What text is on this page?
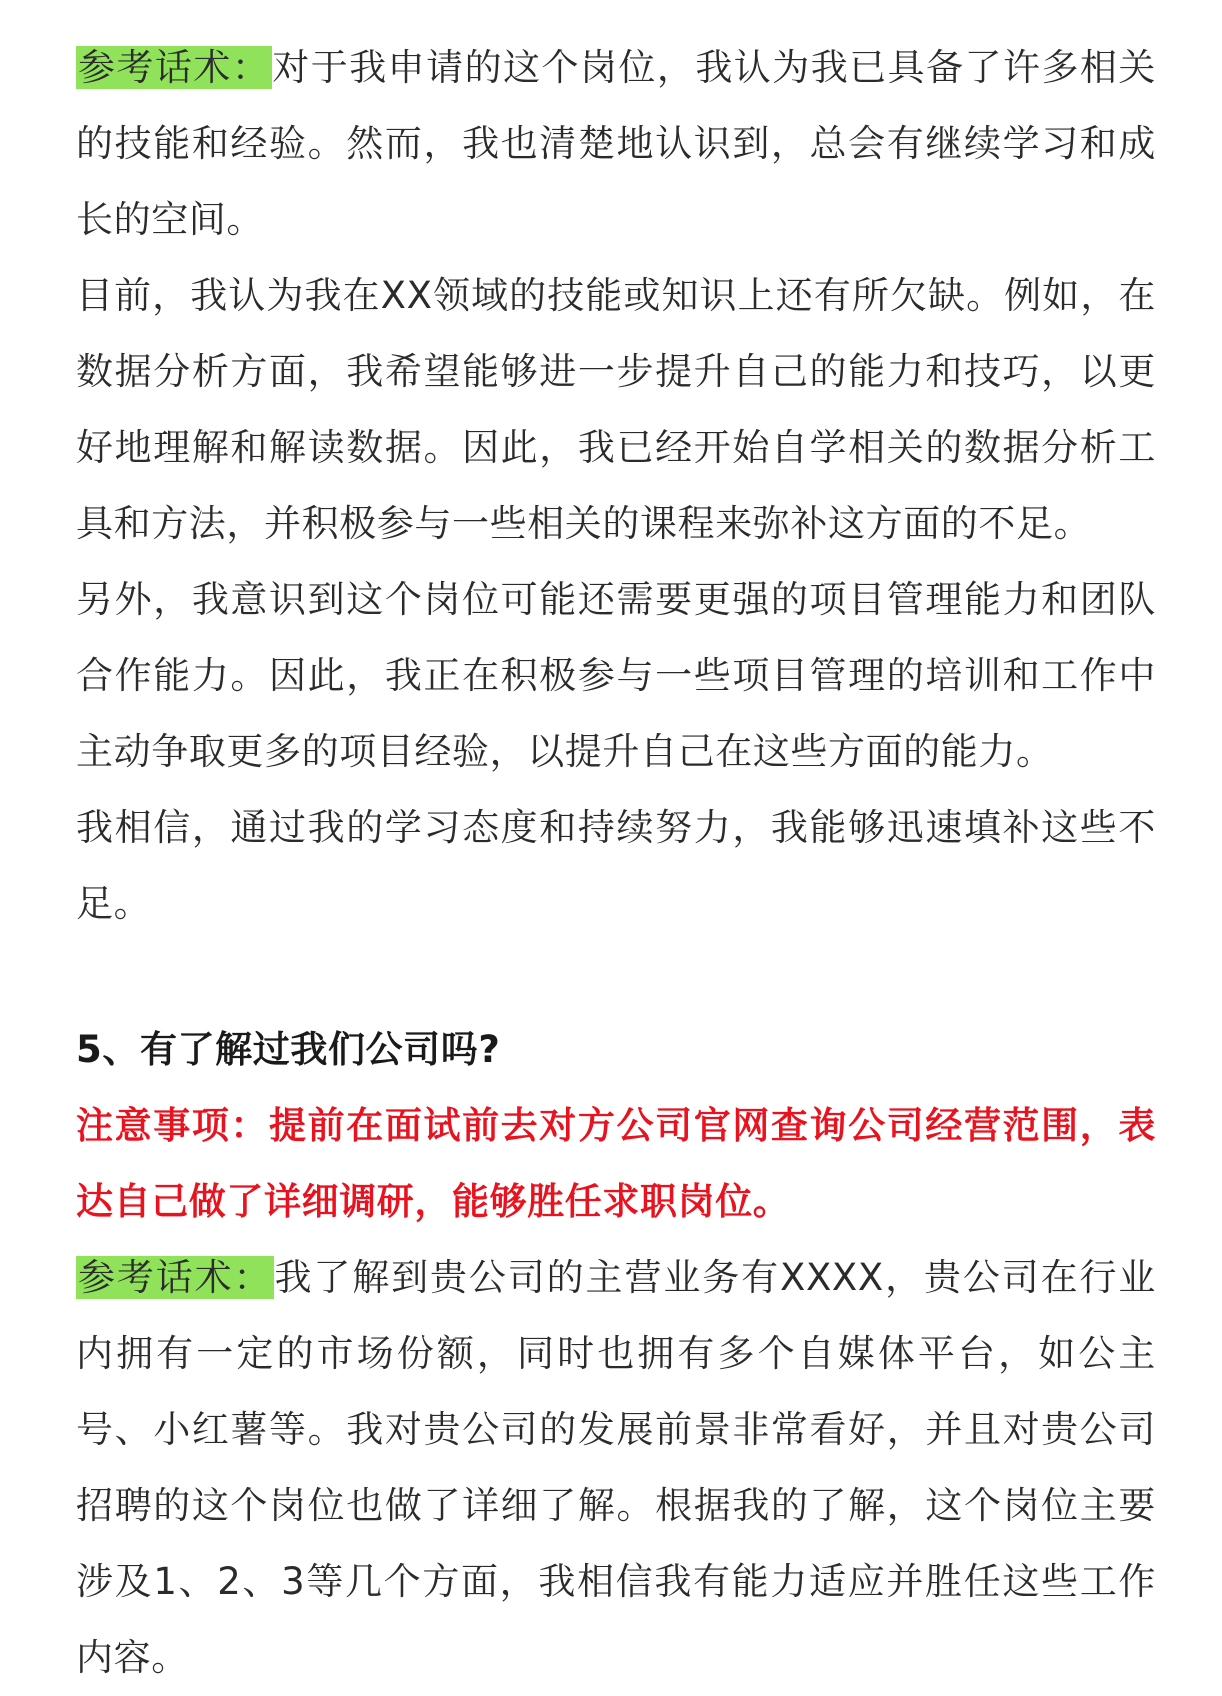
参考话术：对于我申请的这个岗位，我认为我已具备了许多相关的技能和经验。然而，我也清楚地认识到，总会有继续学习和成长的空间。

目前，我认为我在XX领域的技能或知识上还有所欠缺。例如，在数据分析方面，我希望能够进一步提升自己的能力和技巧，以更好地理解和解读数据。因此，我已经开始自学相关的数据分析工具和方法，并积极参与一些相关的课程来弥补这方面的不足。

另外，我意识到这个岗位可能还需要更强的项目管理能力和团队合作能力。因此，我正在积极参与一些项目管理的培训和工作中主动争取更多的项目经验，以提升自己在这些方面的能力。

我相信，通过我的学习态度和持续努力，我能够迅速填补这些不足。

5、有了解过我们公司吗?

注意事项：提前在面试前去对方公司官网查询公司经营范围，表达自己做了详细调研，能够胜任求职岗位。

参考话术：我了解到贵公司的主营业务有XXXX，贵公司在行业内拥有一定的市场份额，同时也拥有多个自媒体平台，如公主号、小红薯等。我对贵公司的发展前景非常看好，并且对贵公司招聘的这个岗位也做了详细了解。根据我的了解，这个岗位主要涉及1、2、3等几个方面，我相信我有能力适应并胜任这些工作内容。
